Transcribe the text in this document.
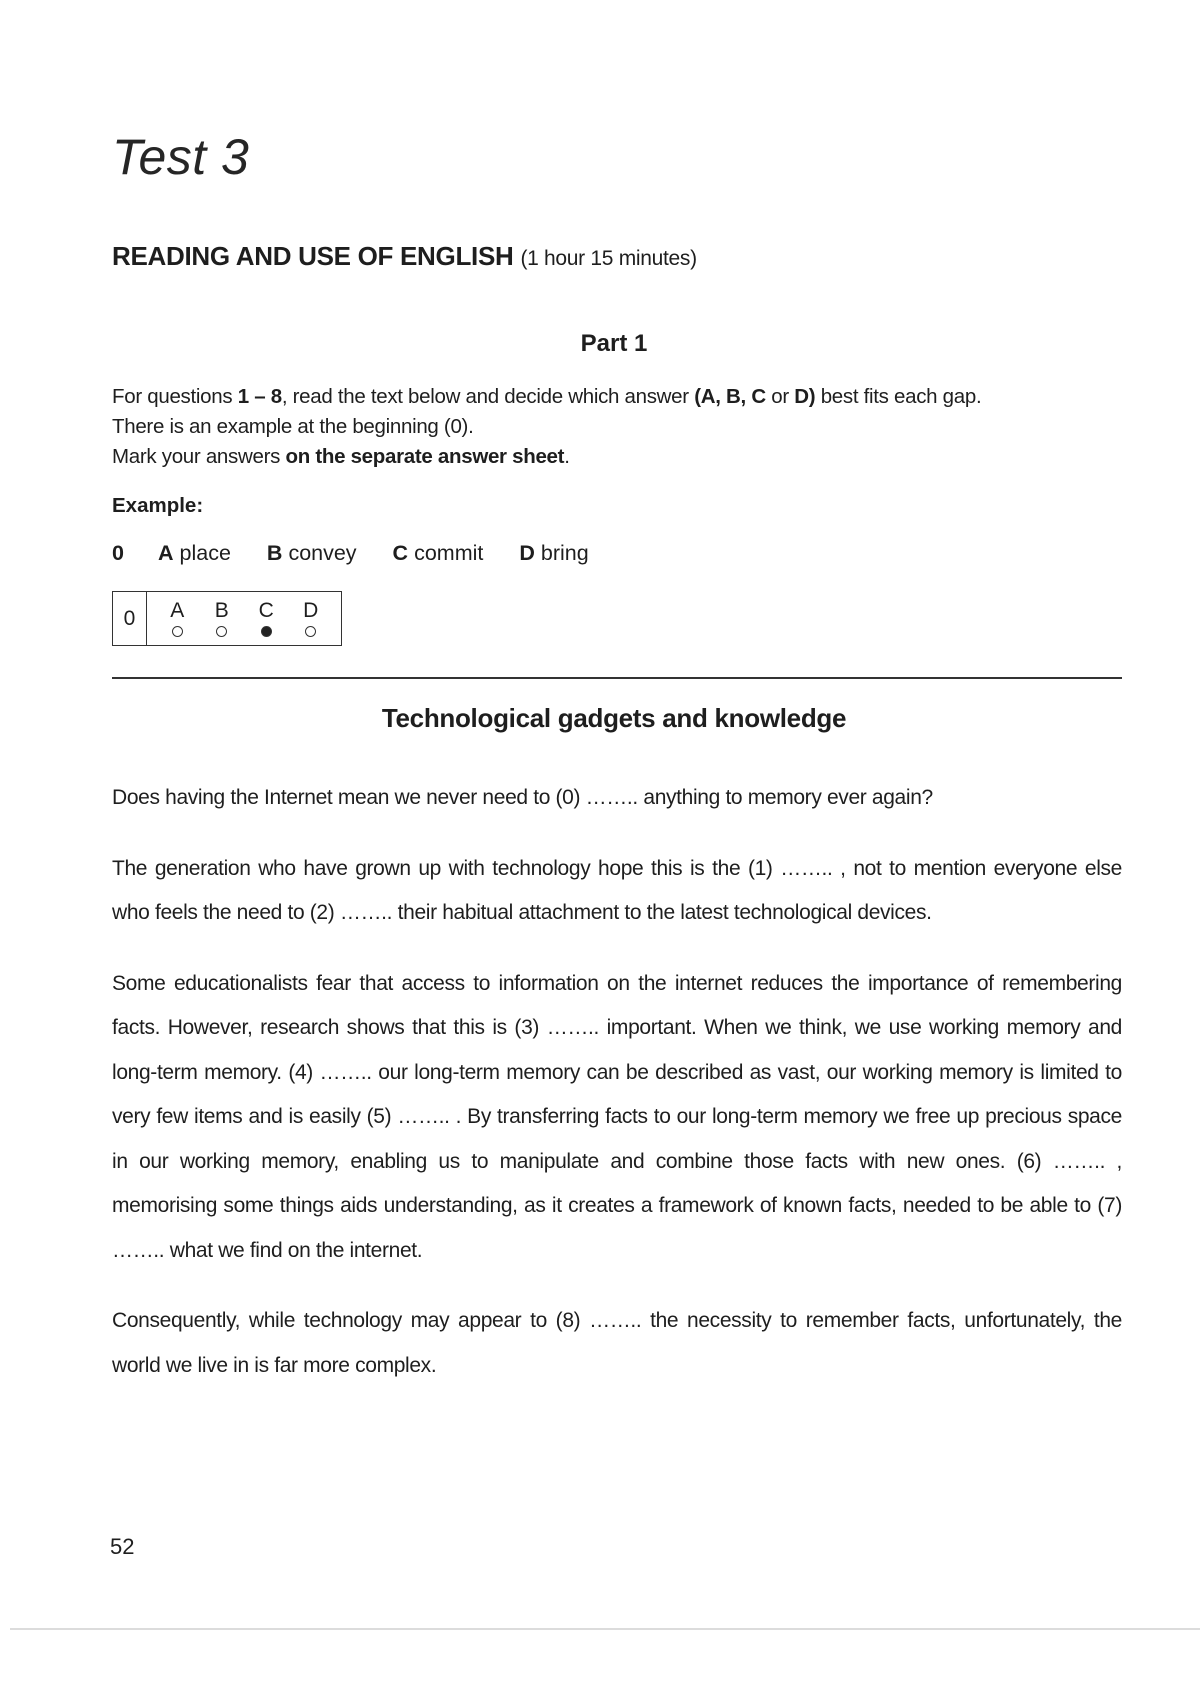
Test 3
READING AND USE OF ENGLISH (1 hour 15 minutes)
Part 1

For questions 1 – 8, read the text below and decide which answer (A, B, C or D) best fits each gap.

There is an example at the beginning (0).

Mark your answers on the separate answer sheet.

Example:
0 A place B convey C commit D bring
0	A B C D
Technological gadgets and knowledge

Does having the Internet mean we never need to (0) …….. anything to memory ever again?

The generation who have grown up with technology hope this is the (1) …….. , not to mention everyone else who feels the need to (2) …….. their habitual attachment to the latest technological devices.

Some educationalists fear that access to information on the internet reduces the importance of remembering facts. However, research shows that this is (3) …….. important. When we think, we use working memory and long-term memory. (4) …….. our long-term memory can be described as vast, our working memory is limited to very few items and is easily (5) …….. . By transferring facts to our long-term memory we free up precious space in our working memory, enabling us to manipulate and combine those facts with new ones. (6) …….. , memorising some things aids understanding, as it creates a framework of known facts, needed to be able to (7) …….. what we find on the internet.

Consequently, while technology may appear to (8) …….. the necessity to remember facts, unfortunately, the world we live in is far more complex.

52
